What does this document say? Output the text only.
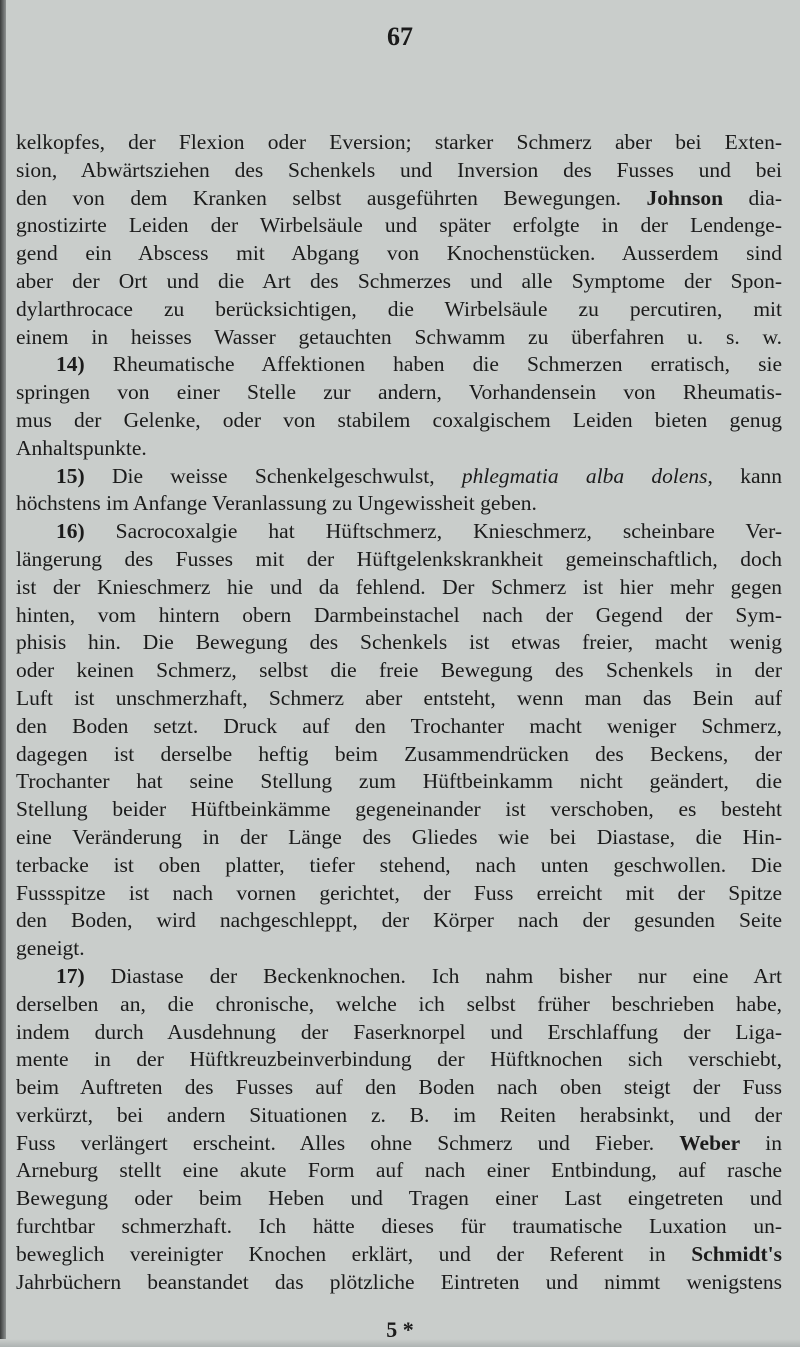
67
kelkopfes, der Flexion oder Eversion; starker Schmerz aber bei Exten-
sion, Abwärtsziehen des Schenkels und Inversion des Fusses und bei
den von dem Kranken selbst ausgeführten Bewegungen. Johnson dia-
gnostizirte Leiden der Wirbelsäule und später erfolgte in der Lendenge-
gend ein Abscess mit Abgang von Knochenstücken. Ausserdem sind
aber der Ort und die Art des Schmerzes und alle Symptome der Spon-
dylarthrocace zu berücksichtigen, die Wirbelsäule zu percutiren, mit
einem in heisses Wasser getauchten Schwamm zu überfahren u. s. w.
14) Rheumatische Affektionen haben die Schmerzen erratisch, sie
springen von einer Stelle zur andern, Vorhandensein von Rheumatis-
mus der Gelenke, oder von stabilem coxalgischem Leiden bieten genug
Anhaltspunkte.
15) Die weisse Schenkelgeschwulst, phlegmatia alba dolens, kann
höchstens im Anfange Veranlassung zu Ungewissheit geben.
16) Sacrocoxalgie hat Hüftschmerz, Knieschmerz, scheinbare Ver-
längerung des Fusses mit der Hüftgelenkskrankheit gemeinschaftlich, doch
ist der Knieschmerz hie und da fehlend. Der Schmerz ist hier mehr gegen
hinten, vom hintern obern Darmbeinstachel nach der Gegend der Sym-
phisis hin. Die Bewegung des Schenkels ist etwas freier, macht wenig
oder keinen Schmerz, selbst die freie Bewegung des Schenkels in der
Luft ist unschmerzhaft, Schmerz aber entsteht, wenn man das Bein auf
den Boden setzt. Druck auf den Trochanter macht weniger Schmerz,
dagegen ist derselbe heftig beim Zusammendrücken des Beckens, der
Trochanter hat seine Stellung zum Hüftbeinkamm nicht geändert, die
Stellung beider Hüftbeinkämme gegeneinander ist verschoben, es besteht
eine Veränderung in der Länge des Gliedes wie bei Diastase, die Hin-
terbacke ist oben platter, tiefer stehend, nach unten geschwollen. Die
Fussspitze ist nach vornen gerichtet, der Fuss erreicht mit der Spitze
den Boden, wird nachgeschleppt, der Körper nach der gesunden Seite
geneigt.
17) Diastase der Beckenknochen. Ich nahm bisher nur eine Art
derselben an, die chronische, welche ich selbst früher beschrieben habe,
indem durch Ausdehnung der Faserknorpel und Erschlaffung der Liga-
mente in der Hüftkreuzbeinverbindung der Hüftknochen sich verschiebt,
beim Auftreten des Fusses auf den Boden nach oben steigt der Fuss
verkürzt, bei andern Situationen z. B. im Reiten herabsinkt, und der
Fuss verlängert erscheint. Alles ohne Schmerz und Fieber. Weber in
Arneburg stellt eine akute Form auf nach einer Entbindung, auf rasche
Bewegung oder beim Heben und Tragen einer Last eingetreten und
furchtbar schmerzhaft. Ich hätte dieses für traumatische Luxation un-
beweglich vereinigter Knochen erklärt, und der Referent in Schmidt's
Jahrbüchern beanstandet das plötzliche Eintreten und nimmt wenigstens
5 *
